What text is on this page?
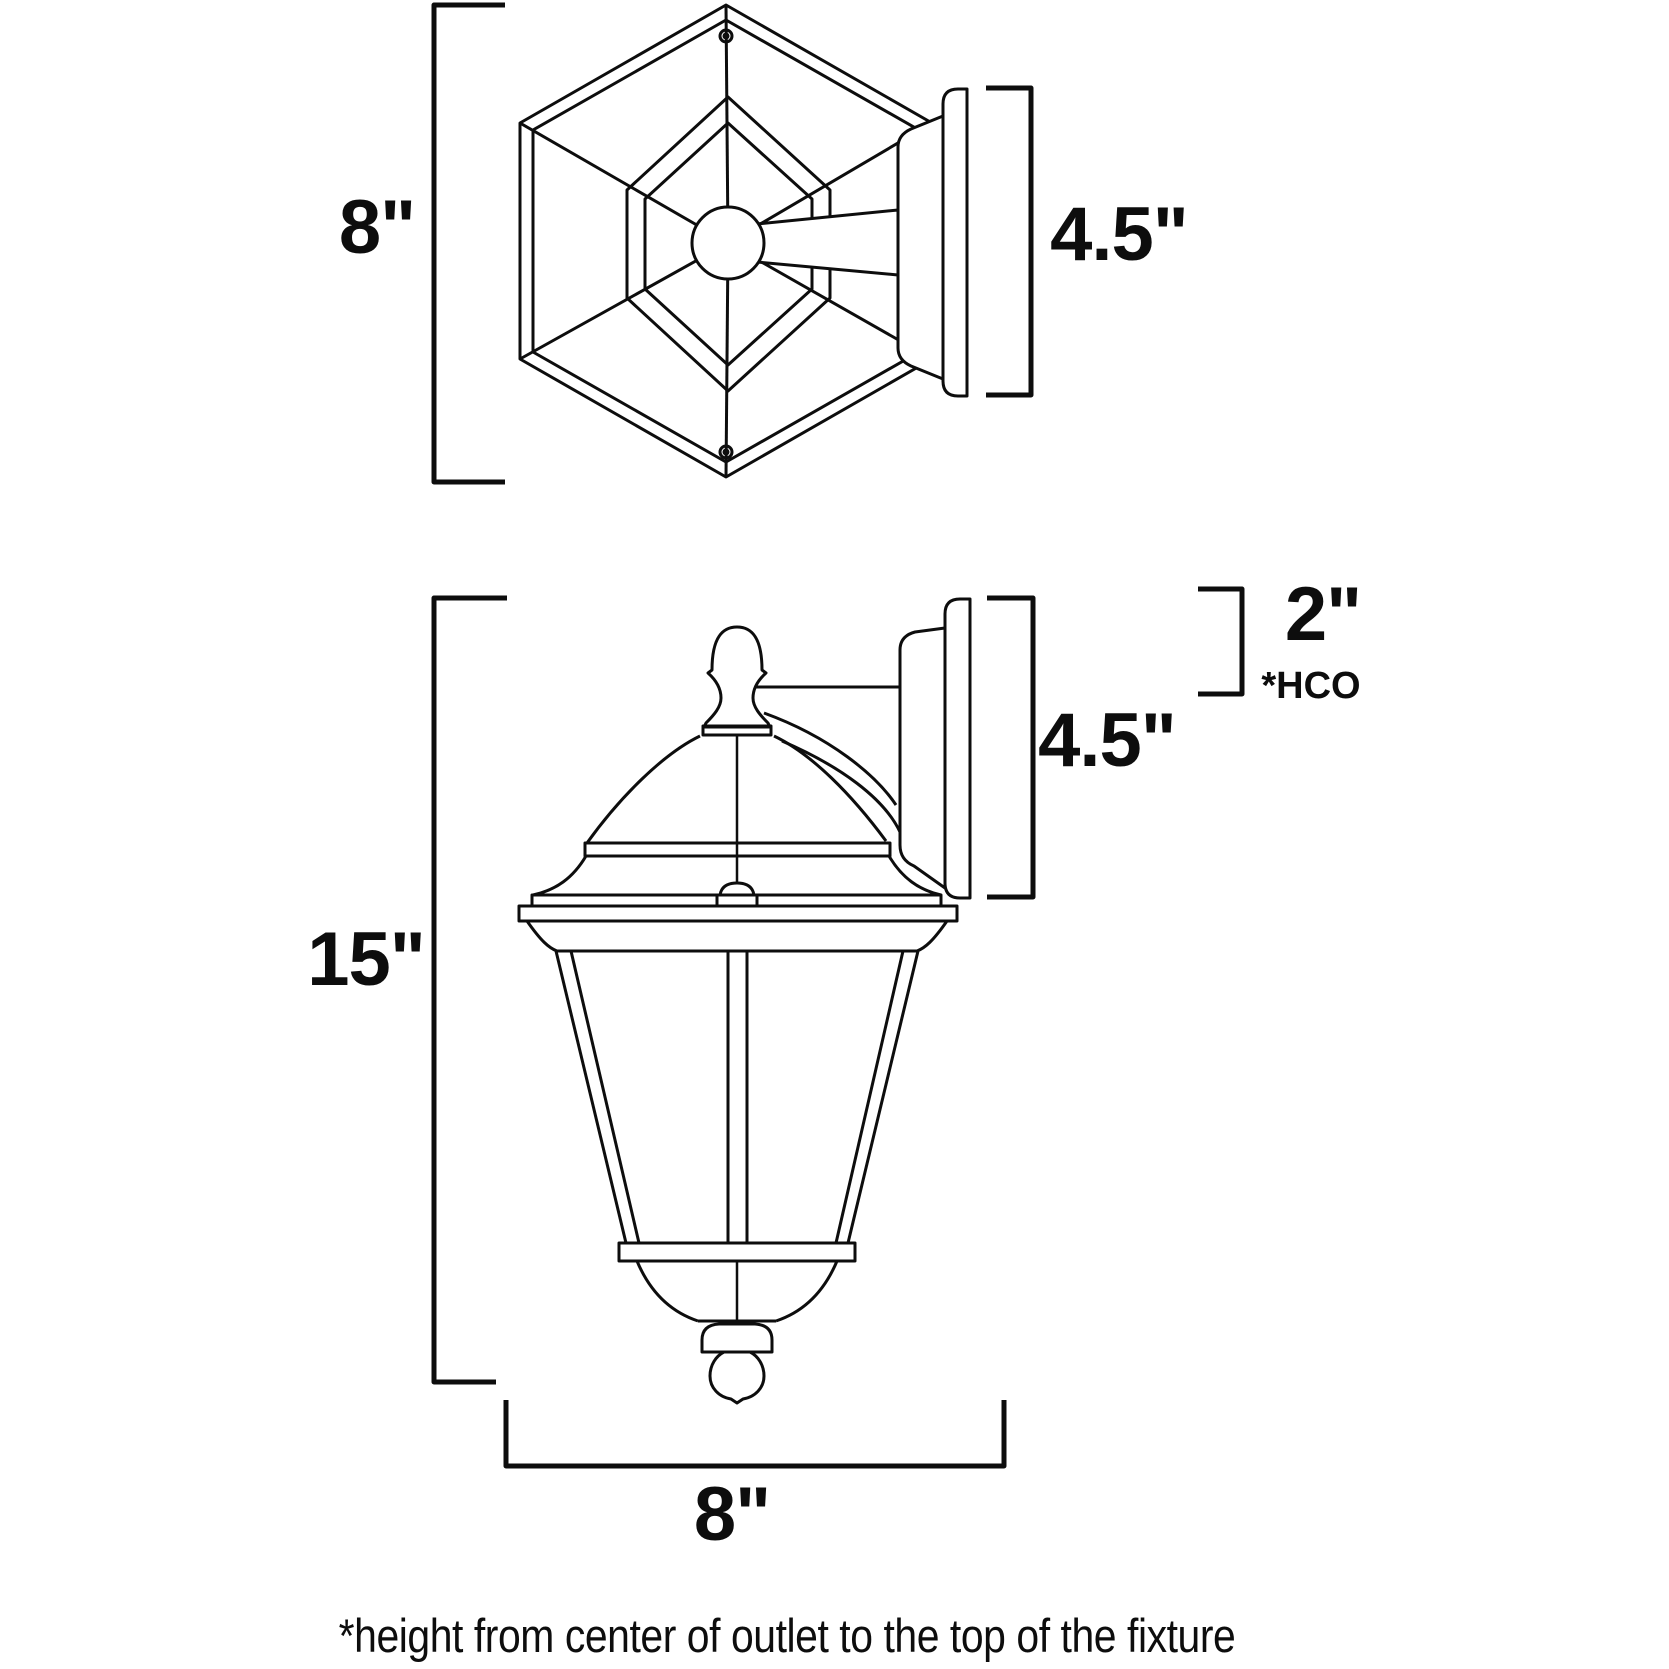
8"	4.5"
15"
4.5"
2"
*HCO
8"
*height from center of outlet to the top of the fixture
